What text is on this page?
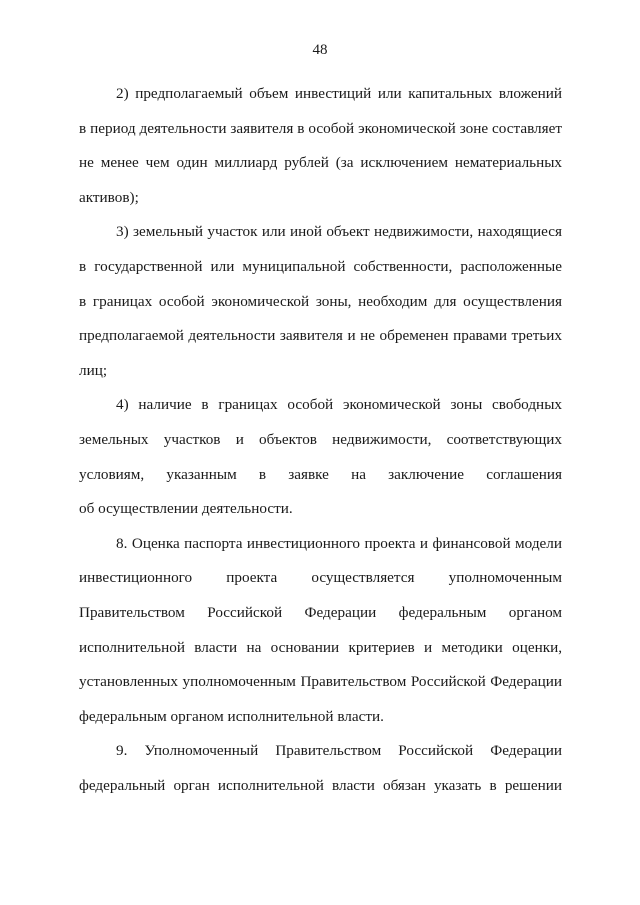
48
2) предполагаемый объем инвестиций или капитальных вложений
в период деятельности заявителя в особой экономической зоне составляет
не менее чем один миллиард рублей (за исключением нематериальных
активов);
3) земельный участок или иной объект недвижимости, находящиеся
в государственной или муниципальной собственности, расположенные
в границах особой экономической зоны, необходим для осуществления
предполагаемой деятельности заявителя и не обременен правами третьих
лиц;
4) наличие в границах особой экономической зоны свободных
земельных участков и объектов недвижимости, соответствующих
условиям, указанным в заявке на заключение соглашения
об осуществлении деятельности.
8. Оценка паспорта инвестиционного проекта и финансовой модели
инвестиционного проекта осуществляется уполномоченным
Правительством Российской Федерации федеральным органом
исполнительной власти на основании критериев и методики оценки,
установленных уполномоченным Правительством Российской Федерации
федеральным органом исполнительной власти.
9. Уполномоченный Правительством Российской Федерации
федеральный орган исполнительной власти обязан указать в решении
